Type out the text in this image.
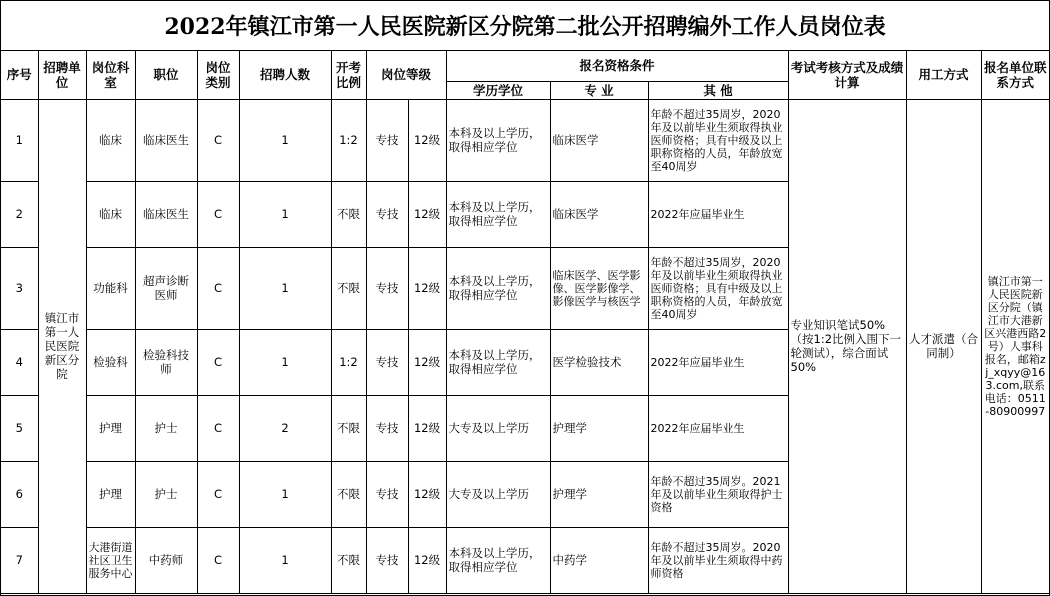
2022年镇江市第一人民医院新区分院第二批公开招聘编外工作人员岗位表
序号	招聘单位	岗位科室	职位	岗位类别	招聘人数	开考比例	岗位等级		报名资格条件			考试考核方式及成绩计算	用工方式	报名单位联系方式
									学历学位	专 业	其 他			
1	镇江市第一人民医院新区分院	临床	临床医生	C	1	1:2	专技	12级	本科及以上学历，取得相应学位	临床医学	年龄不超过35周岁，2020年及以前毕业生须取得执业医师资格；具有中级及以上职称资格的人员，年龄放宽至40周岁	专业知识笔试50%（按1:2比例入围下一轮测试），综合面试50%	人才派遣（合同制）	镇江市第一人民医院新区分院（镇江市大港新区兴港西路2号）人事科报名，邮箱zj_xqyy@163.com,联系电话：0511-80900997
2		临床	临床医生	C	1	不限	专技	12级	本科及以上学历，取得相应学位	临床医学	2022年应届毕业生			
3		功能科	超声诊断医师	C	1	不限	专技	12级	本科及以上学历，取得相应学位	临床医学、医学影像、医学影像学、影像医学与核医学	年龄不超过35周岁，2020年及以前毕业生须取得执业医师资格；具有中级及以上职称资格的人员，年龄放宽至40周岁			
4		检验科	检验科技师	C	1	1:2	专技	12级	本科及以上学历，取得相应学位	医学检验技术	2022年应届毕业生			
5		护理	护士	C	2	不限	专技	12级	大专及以上学历	护理学	2022年应届毕业生			
6		护理	护士	C	1	不限	专技	12级	大专及以上学历	护理学	年龄不超过35周岁。2021年及以前毕业生须取得护士资格			
7		大港街道社区卫生服务中心	中药师	C	1	不限	专技	12级	本科及以上学历，取得相应学位	中药学	年龄不超过35周岁。2020年及以前毕业生须取得中药师资格			
